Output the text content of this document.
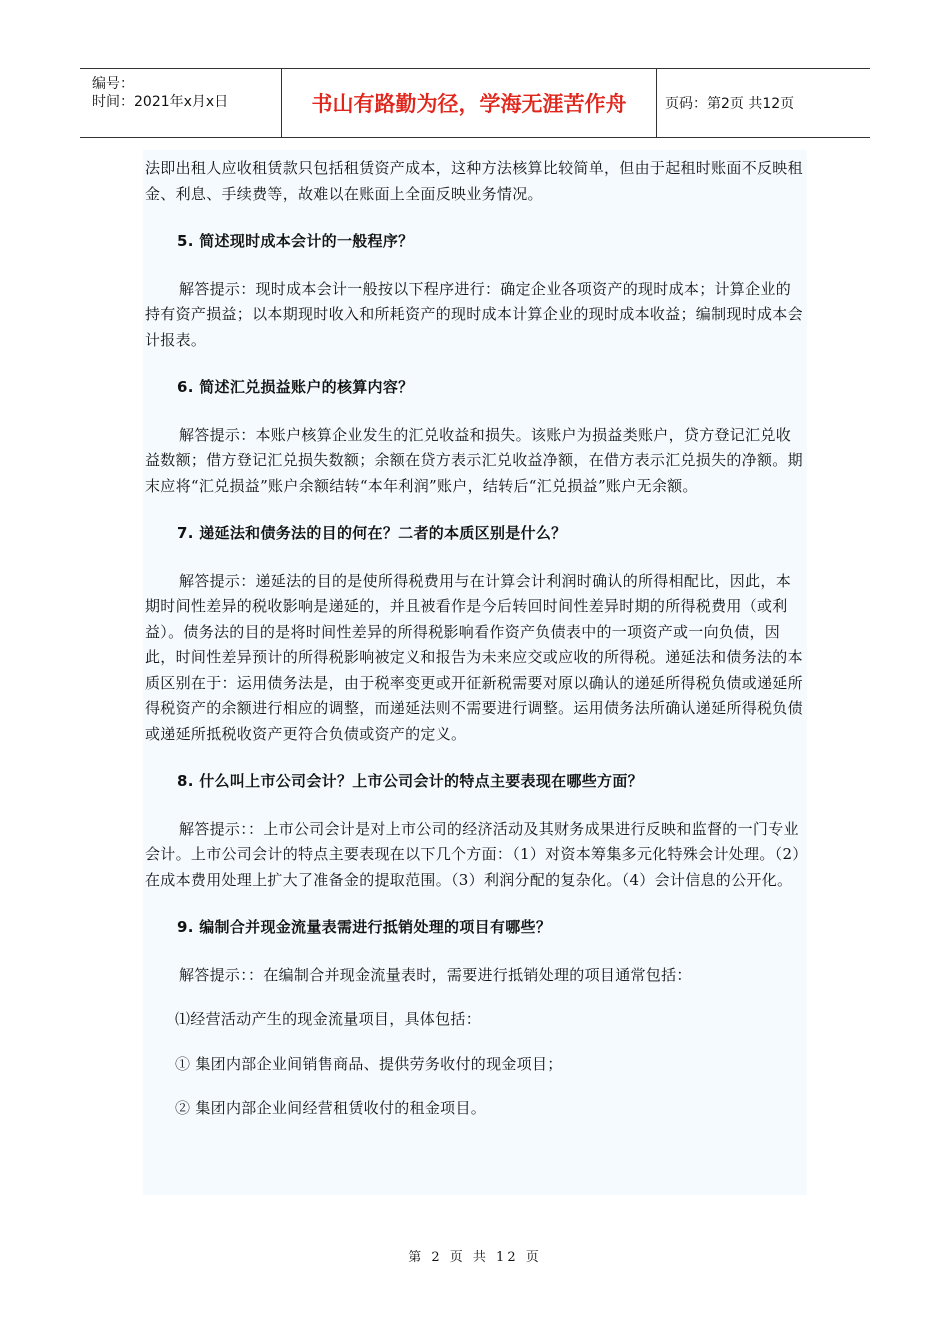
编号：
时间：2021年x月x日	书山有路勤为径，学海无涯苦作舟	页码：第2页 共12页

法即出租人应收租赁款只包括租赁资产成本，这种方法核算比较简单，但由于起租时账面不反映租金、利息、手续费等，故难以在账面上全面反映业务情况。

5. 简述现时成本会计的一般程序？

解答提示：现时成本会计一般按以下程序进行：确定企业各项资产的现时成本；计算企业的持有资产损益；以本期现时收入和所耗资产的现时成本计算企业的现时成本收益；编制现时成本会计报表。

6. 简述汇兑损益账户的核算内容？

解答提示：本账户核算企业发生的汇兑收益和损失。该账户为损益类账户，贷方登记汇兑收益数额；借方登记汇兑损失数额；余额在贷方表示汇兑收益净额，在借方表示汇兑损失的净额。期末应将“汇兑损益”账户余额结转“本年利润”账户，结转后“汇兑损益”账户无余额。

7. 递延法和债务法的目的何在？二者的本质区别是什么？

解答提示：递延法的目的是使所得税费用与在计算会计利润时确认的所得相配比，因此，本期时间性差异的税收影响是递延的，并且被看作是今后转回时间性差异时期的所得税费用（或利益）。债务法的目的是将时间性差异的所得税影响看作资产负债表中的一项资产或一向负债，因此，时间性差异预计的所得税影响被定义和报告为未来应交或应收的所得税。递延法和债务法的本质区别在于：运用债务法是，由于税率变更或开征新税需要对原以确认的递延所得税负债或递延所得税资产的余额进行相应的调整，而递延法则不需要进行调整。运用债务法所确认递延所得税负债或递延所抵税收资产更符合负债或资产的定义。

8. 什么叫上市公司会计？上市公司会计的特点主要表现在哪些方面？

解答提示：：上市公司会计是对上市公司的经济活动及其财务成果进行反映和监督的一门专业会计。上市公司会计的特点主要表现在以下几个方面：（1）对资本筹集多元化特殊会计处理。（2）在成本费用处理上扩大了准备金的提取范围。（3）利润分配的复杂化。（4）会计信息的公开化。

9. 编制合并现金流量表需进行抵销处理的项目有哪些？

解答提示：：在编制合并现金流量表时，需要进行抵销处理的项目通常包括：

⑴经营活动产生的现金流量项目，具体包括：

① 集团内部企业间销售商品、提供劳务收付的现金项目；

② 集团内部企业间经营租赁收付的租金项目。

第 2 页 共 12 页
